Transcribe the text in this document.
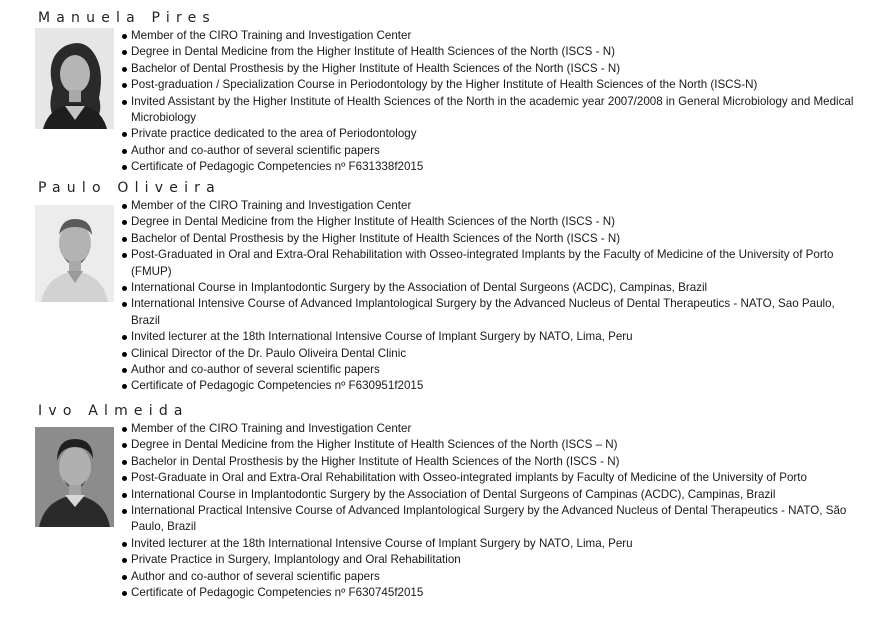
Manuela Pires
Member of the CIRO Training and Investigation Center
Degree in Dental Medicine from the Higher Institute of Health Sciences of the North (ISCS - N)
Bachelor of Dental Prosthesis by the Higher Institute of Health Sciences of the North (ISCS - N)
Post-graduation / Specialization Course in Periodontology by the Higher Institute of Health Sciences of the North (ISCS-N)
Invited Assistant by the Higher Institute of Health Sciences of the North in the academic year 2007/2008 in General Microbiology and Medical Microbiology
Private practice dedicated to the area of Periodontology
Author and co-author of several scientific papers
Certificate of Pedagogic Competencies nº F631338f2015
Paulo Oliveira
Member of the CIRO Training and Investigation Center
Degree in Dental Medicine from the Higher Institute of Health Sciences of the North (ISCS - N)
Bachelor of Dental Prosthesis by the Higher Institute of Health Sciences of the North (ISCS - N)
Post-Graduated in Oral and Extra-Oral Rehabilitation with Osseo-integrated Implants by the Faculty of Medicine of the University of Porto (FMUP)
International Course in Implantodontic Surgery by the Association of Dental Surgeons (ACDC), Campinas, Brazil
International Intensive Course of Advanced Implantological Surgery by the Advanced Nucleus of Dental Therapeutics - NATO, Sao Paulo, Brazil
Invited lecturer at the 18th International Intensive Course of Implant Surgery by NATO, Lima, Peru
Clinical Director of the Dr. Paulo Oliveira Dental Clinic
Author and co-author of several scientific papers
Certificate of Pedagogic Competencies nº F630951f2015
Ivo Almeida
Member of the CIRO Training and Investigation Center
Degree in Dental Medicine from the Higher Institute of Health Sciences of the North (ISCS – N)
Bachelor in Dental Prosthesis by the Higher Institute of Health Sciences of the North (ISCS - N)
Post-Graduate in Oral and Extra-Oral Rehabilitation with Osseo-integrated implants by Faculty of Medicine of the University of Porto
International Course in Implantodontic Surgery by the Association of Dental Surgeons of Campinas (ACDC), Campinas, Brazil
International Practical Intensive Course of Advanced Implantological Surgery by the Advanced Nucleus of Dental Therapeutics - NATO, São Paulo, Brazil
Invited lecturer at the 18th International Intensive Course of Implant Surgery by NATO, Lima, Peru
Private Practice in Surgery, Implantology and Oral Rehabilitation
Author and co-author of several scientific papers
Certificate of Pedagogic Competencies nº F630745f2015
